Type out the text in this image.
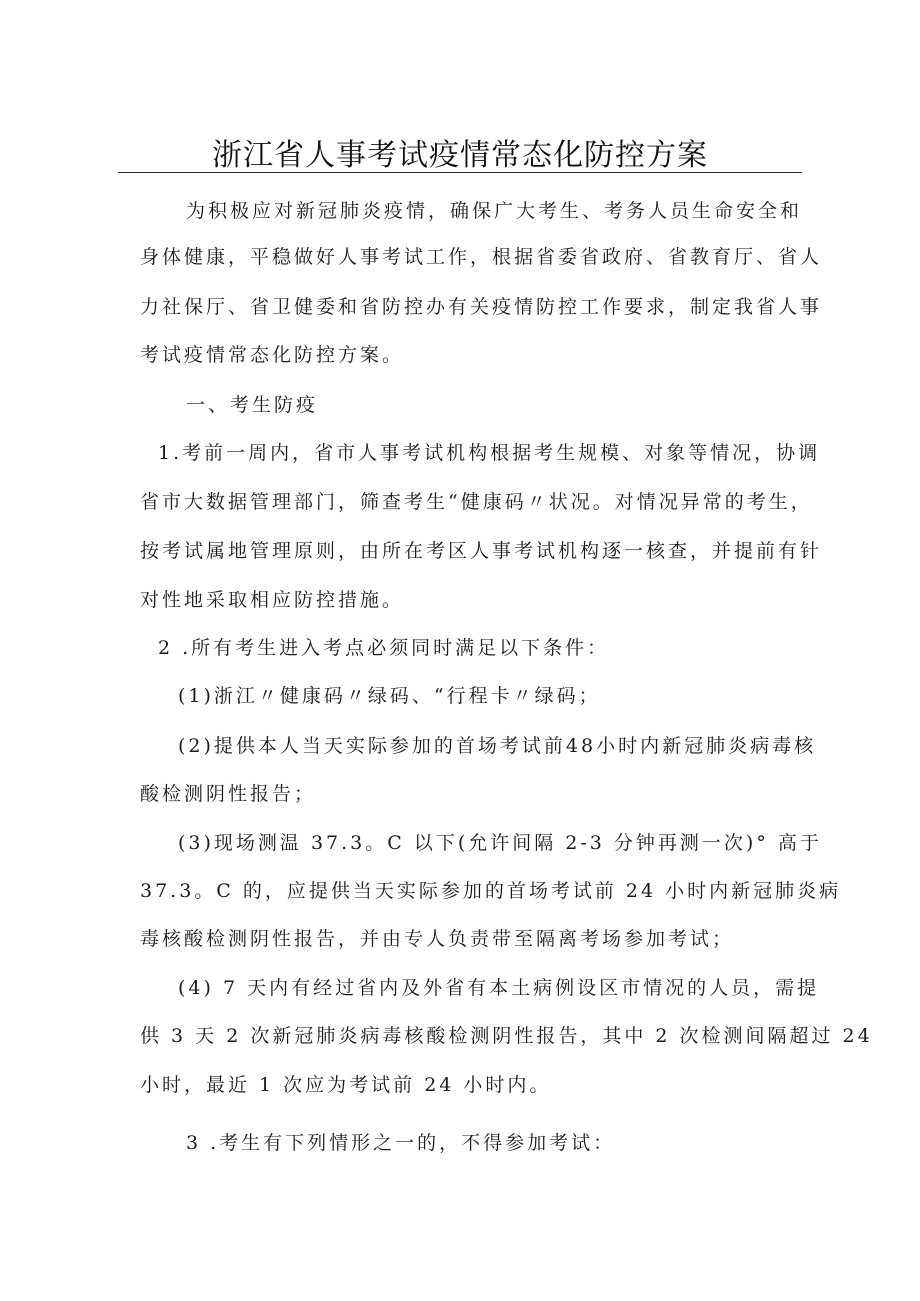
浙江省人事考试疫情常态化防控方案
为积极应对新冠肺炎疫情，确保广大考生、考务人员生命安全和
身体健康，平稳做好人事考试工作，根据省委省政府、省教育厅、省人
力社保厅、省卫健委和省防控办有关疫情防控工作要求，制定我省人事
考试疫情常态化防控方案。
一、考生防疫
1.考前一周内，省市人事考试机构根据考生规模、对象等情况，协调
省市大数据管理部门，筛查考生“健康码〃状况。对情况异常的考生，
按考试属地管理原则，由所在考区人事考试机构逐一核查，并提前有针
对性地采取相应防控措施。
2 .所有考生进入考点必须同时满足以下条件：
(1)浙江〃健康码〃绿码、“行程卡〃绿码；
(2)提供本人当天实际参加的首场考试前48小时内新冠肺炎病毒核
酸检测阴性报告；
(3)现场测温 37.3。C 以下(允许间隔 2-3 分钟再测一次)° 高于
37.3。C 的，应提供当天实际参加的首场考试前 24 小时内新冠肺炎病
毒核酸检测阴性报告，并由专人负责带至隔离考场参加考试；
(4) 7 天内有经过省内及外省有本土病例设区市情况的人员，需提
供 3 天 2 次新冠肺炎病毒核酸检测阴性报告，其中 2 次检测间隔超过 24
小时，最近 1 次应为考试前 24 小时内。
3 .考生有下列情形之一的，不得参加考试：
